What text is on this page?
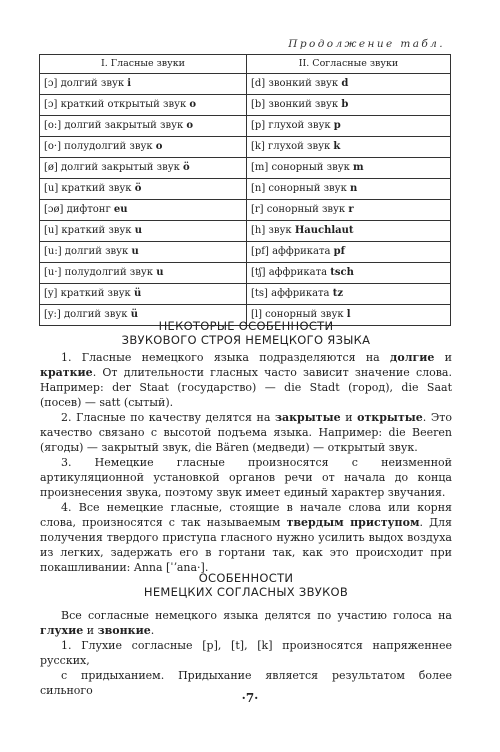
Продолжение табл.

I. Гласные звуки	II. Согласные звуки
[ɔ] долгий звук i	[d] звонкий звук d
[ɔ] краткий открытый звук o	[b] звонкий звук b
[o:] долгий закрытый звук o	[p] глухой звук p
[o·] полудолгий звук o	[k] глухой звук k
[ø] долгий закрытый звук ö	[m] сонорный звук m
[u] краткий звук ö	[n] сонорный звук n
[ɔø] дифтонг eu	[r] сонорный звук r
[u] краткий звук u	[h] звук Hauchlaut
[u:] долгий звук u	[pf] аффриката pf
[u·] полудолгий звук u	[tʃ] аффриката tsch
[y] краткий звук ü	[ts] аффриката tz
[y:] долгий звук ü	[l] сонорный звук l
НЕКОТОРЫЕ ОСОБЕННОСТИ
ЗВУКОВОГО СТРОЯ НЕМЕЦКОГО ЯЗЫКА

1. Гласные немецкого языка подразделяются на долгие и краткие. От длительности гласных часто зависит значение слова. Например: der Staat (государство) — die Stadt (город), die Saat (посев) — satt (сытый).

2. Гласные по качеству делятся на закрытые и открытые. Это качество связано с высотой подъема языка. Например: die Beeren (ягоды) — закрытый звук, die Bären (медведи) — открытый звук.

3. Немецкие гласные произносятся с неизменной артикуляционной установкой органов речи от начала до конца произнесения звука, поэтому звук имеет единый характер звучания.

4. Все немецкие гласные, стоящие в начале слова или корня слова, произносятся с так называемым твердым приступом. Для получения твердого приступа гласного нужно усилить выдох воздуха из легких, задержать его в гортани так, как это происходит при покашливании: Anna [ˈʼana·].

ОСОБЕННОСТИ
НЕМЕЦКИХ СОГЛАСНЫХ ЗВУКОВ

Все согласные немецкого языка делятся по участию голоса на глухие и звонкие.

1. Глухие согласные [p], [t], [k] произносятся напряженнее русских,
с придыханием. Придыхание является результатом более сильного

·7·
